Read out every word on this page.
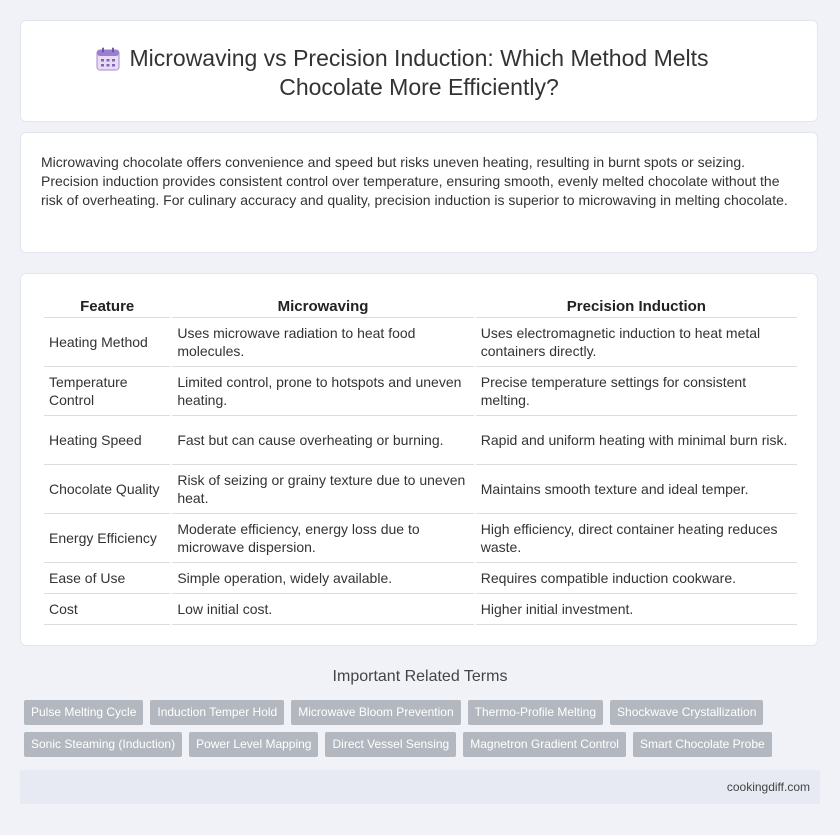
Microwaving vs Precision Induction: Which Method Melts Chocolate More Efficiently?

Microwaving chocolate offers convenience and speed but risks uneven heating, resulting in burnt spots or seizing. Precision induction provides consistent control over temperature, ensuring smooth, evenly melted chocolate without the risk of overheating. For culinary accuracy and quality, precision induction is superior to microwaving in melting chocolate.

Feature	Microwaving	Precision Induction
Heating Method	Uses microwave radiation to heat food molecules.	Uses electromagnetic induction to heat metal containers directly.
Temperature Control	Limited control, prone to hotspots and uneven heating.	Precise temperature settings for consistent melting.
Heating Speed	Fast but can cause overheating or burning.	Rapid and uniform heating with minimal burn risk.
Chocolate Quality	Risk of seizing or grainy texture due to uneven heat.	Maintains smooth texture and ideal temper.
Energy Efficiency	Moderate efficiency, energy loss due to microwave dispersion.	High efficiency, direct container heating reduces waste.
Ease of Use	Simple operation, widely available.	Requires compatible induction cookware.
Cost	Low initial cost.	Higher initial investment.
Important Related Terms
Pulse Melting Cycle	Induction Temper Hold	Microwave Bloom Prevention	Thermo-Profile Melting	Shockwave Crystallization
Sonic Steaming (Induction)	Power Level Mapping	Direct Vessel Sensing	Magnetron Gradient Control	Smart Chocolate Probe
cookingdiff.com
